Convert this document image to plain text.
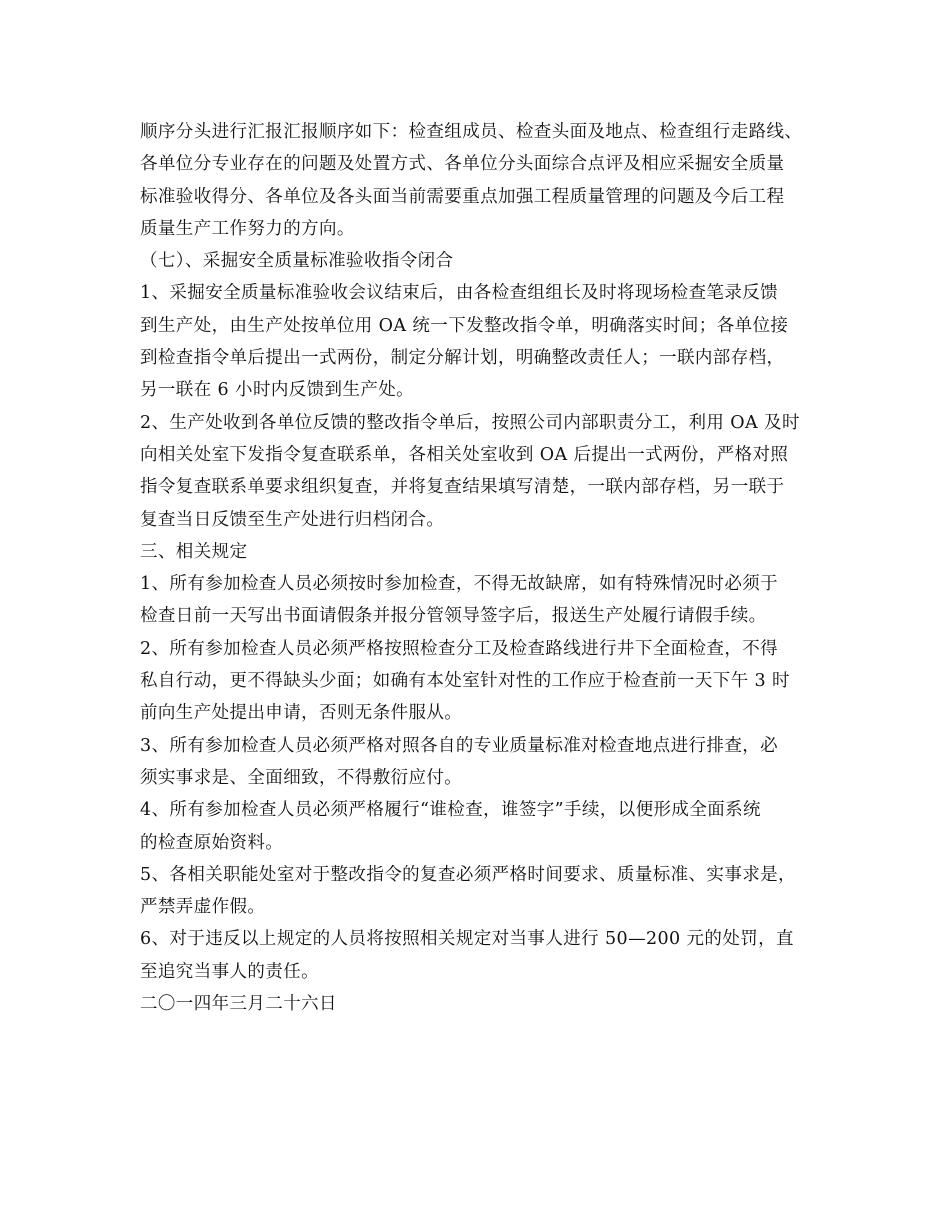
顺序分头进行汇报汇报顺序如下：检查组成员、检查头面及地点、检查组行走路线、
各单位分专业存在的问题及处置方式、各单位分头面综合点评及相应采掘安全质量
标准验收得分、各单位及各头面当前需要重点加强工程质量管理的问题及今后工程
质量生产工作努力的方向。
（七）、采掘安全质量标准验收指令闭合
1、采掘安全质量标准验收会议结束后，由各检查组组长及时将现场检查笔录反馈
到生产处，由生产处按单位用 OA 统一下发整改指令单，明确落实时间；各单位接
到检查指令单后提出一式两份，制定分解计划，明确整改责任人；一联内部存档，
另一联在 6 小时内反馈到生产处。
2、生产处收到各单位反馈的整改指令单后，按照公司内部职责分工，利用 OA 及时
向相关处室下发指令复查联系单，各相关处室收到 OA 后提出一式两份，严格对照
指令复查联系单要求组织复查，并将复查结果填写清楚，一联内部存档，另一联于
复查当日反馈至生产处进行归档闭合。
三、相关规定
1、所有参加检查人员必须按时参加检查，不得无故缺席，如有特殊情况时必须于
检查日前一天写出书面请假条并报分管领导签字后，报送生产处履行请假手续。
2、所有参加检查人员必须严格按照检查分工及检查路线进行井下全面检查，不得
私自行动，更不得缺头少面；如确有本处室针对性的工作应于检查前一天下午 3 时
前向生产处提出申请，否则无条件服从。
3、所有参加检查人员必须严格对照各自的专业质量标准对检查地点进行排查，必
须实事求是、全面细致，不得敷衍应付。
4、所有参加检查人员必须严格履行“谁检查，谁签字”手续，以便形成全面系统
的检查原始资料。
5、各相关职能处室对于整改指令的复查必须严格时间要求、质量标准、实事求是，
严禁弄虚作假。
6、对于违反以上规定的人员将按照相关规定对当事人进行 50—200 元的处罚，直
至追究当事人的责任。
二〇一四年三月二十六日
